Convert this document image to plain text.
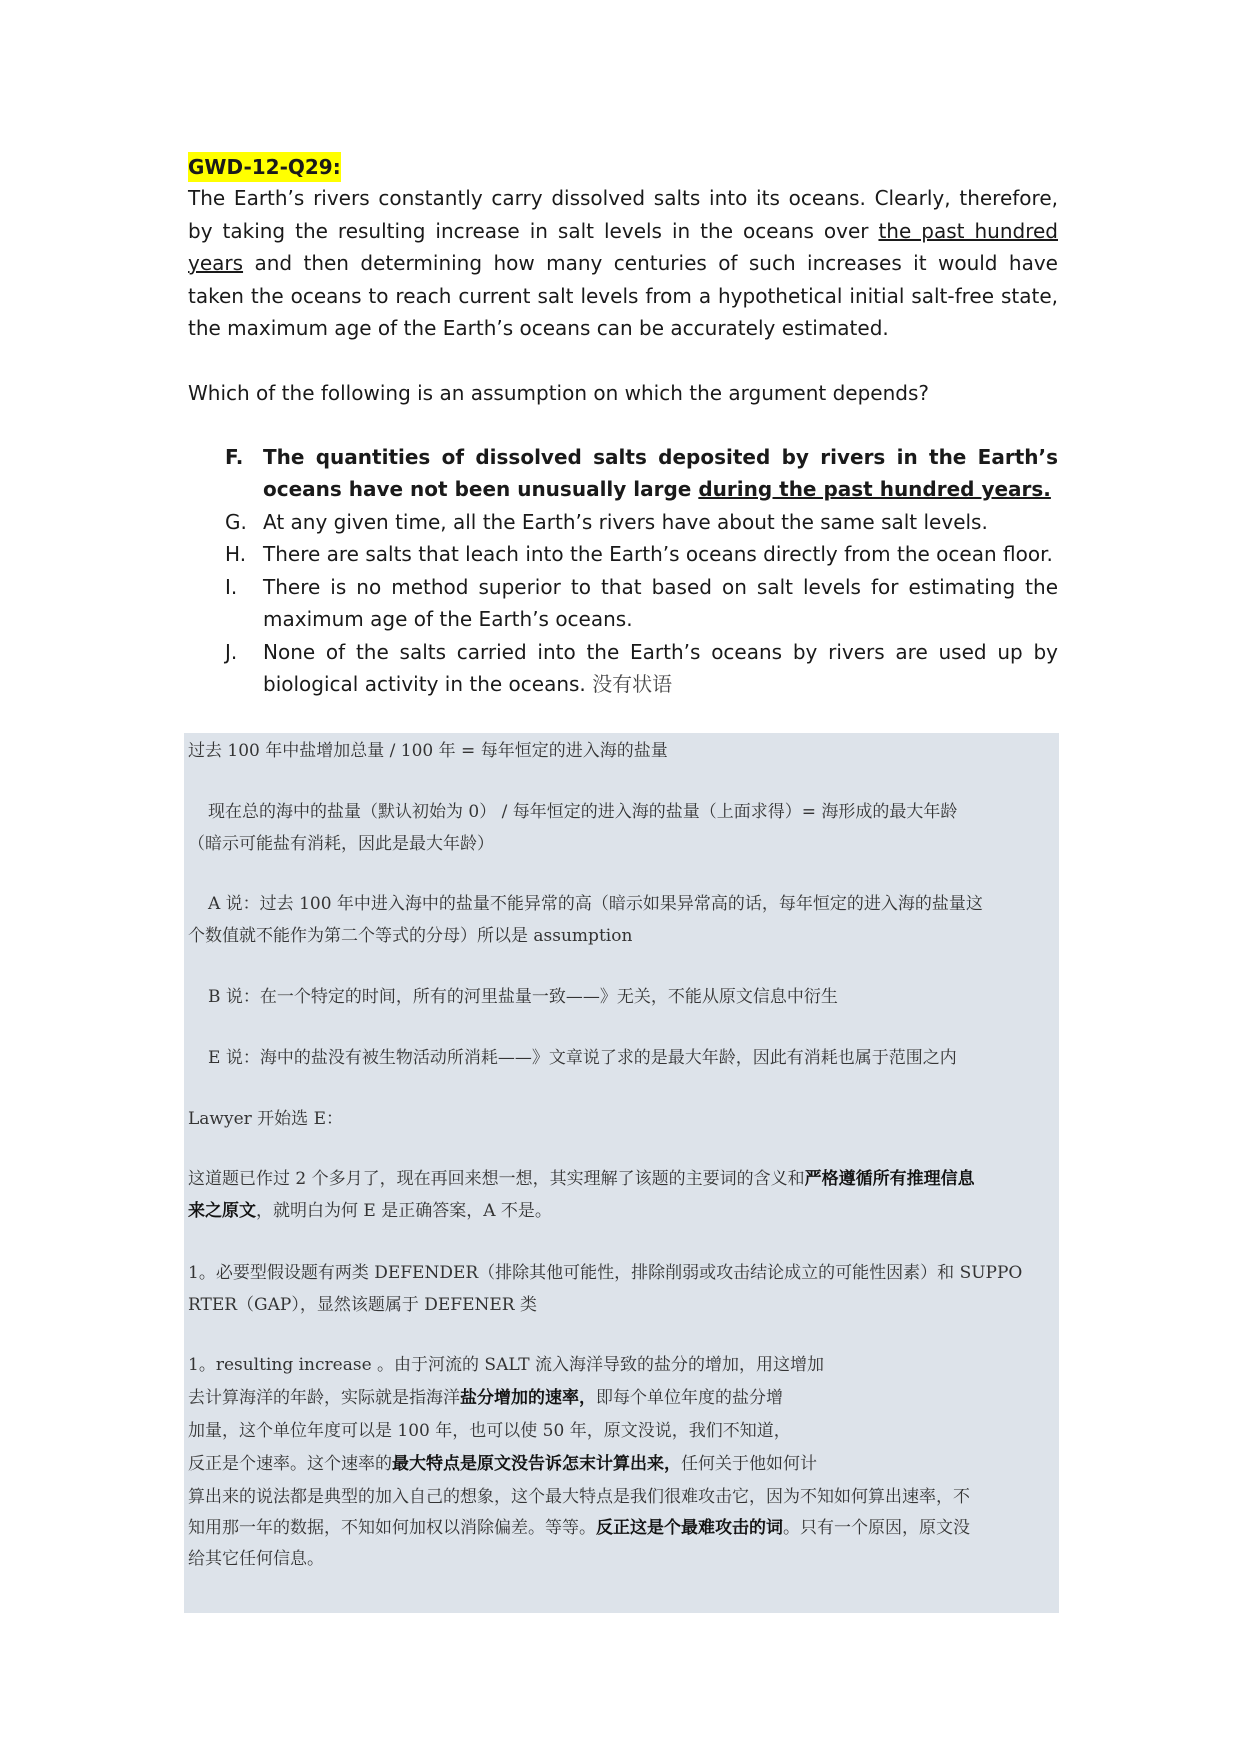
GWD-12-Q29:

The Earth’s rivers constantly carry dissolved salts into its oceans. Clearly, therefore, by taking the resulting increase in salt levels in the oceans over the past hundred years and then determining how many centuries of such increases it would have taken the oceans to reach current salt levels from a hypothetical initial salt-free state, the maximum age of the Earth’s oceans can be accurately estimated.

Which of the following is an assumption on which the argument depends?
F. The quantities of dissolved salts deposited by rivers in the Earth’s oceans have not been unusually large during the past hundred years.
G. At any given time, all the Earth’s rivers have about the same salt levels.
H. There are salts that leach into the Earth’s oceans directly from the ocean floor.
I. There is no method superior to that based on salt levels for estimating the maximum age of the Earth’s oceans.
J. None of the salts carried into the Earth’s oceans by rivers are used up by biological activity in the oceans. 没有状语
过去 100 年中盐增加总量 / 100 年 = 每年恒定的进入海的盐量
现在总的海中的盐量（默认初始为 0） / 每年恒定的进入海的盐量（上面求得）= 海形成的最大年龄
（暗示可能盐有消耗，因此是最大年龄）
A 说：过去 100 年中进入海中的盐量不能异常的高（暗示如果异常高的话，每年恒定的进入海的盐量这
个数值就不能作为第二个等式的分母）所以是 assumption
B 说：在一个特定的时间，所有的河里盐量一致——》无关，不能从原文信息中衍生
E 说：海中的盐没有被生物活动所消耗——》文章说了求的是最大年龄，因此有消耗也属于范围之内
Lawyer 开始选 E：
这道题已作过 2 个多月了，现在再回来想一想，其实理解了该题的主要词的含义和严格遵循所有推理信息
来之原文，就明白为何 E 是正确答案，A 不是。
1。必要型假设题有两类 DEFENDER（排除其他可能性，排除削弱或攻击结论成立的可能性因素）和 SUPPO
RTER（GAP），显然该题属于 DEFENER 类
1。resulting increase 。由于河流的 SALT 流入海洋导致的盐分的增加，用这增加
去计算海洋的年龄，实际就是指海洋盐分增加的速率，即每个单位年度的盐分增
加量，这个单位年度可以是 100 年，也可以使 50 年，原文没说，我们不知道，
反正是个速率。这个速率的最大特点是原文没告诉怎末计算出来，任何关于他如何计
算出来的说法都是典型的加入自己的想象，这个最大特点是我们很难攻击它，因为不知如何算出速率，不
知用那一年的数据，不知如何加权以消除偏差。等等。反正这是个最难攻击的词。只有一个原因，原文没
给其它任何信息。
